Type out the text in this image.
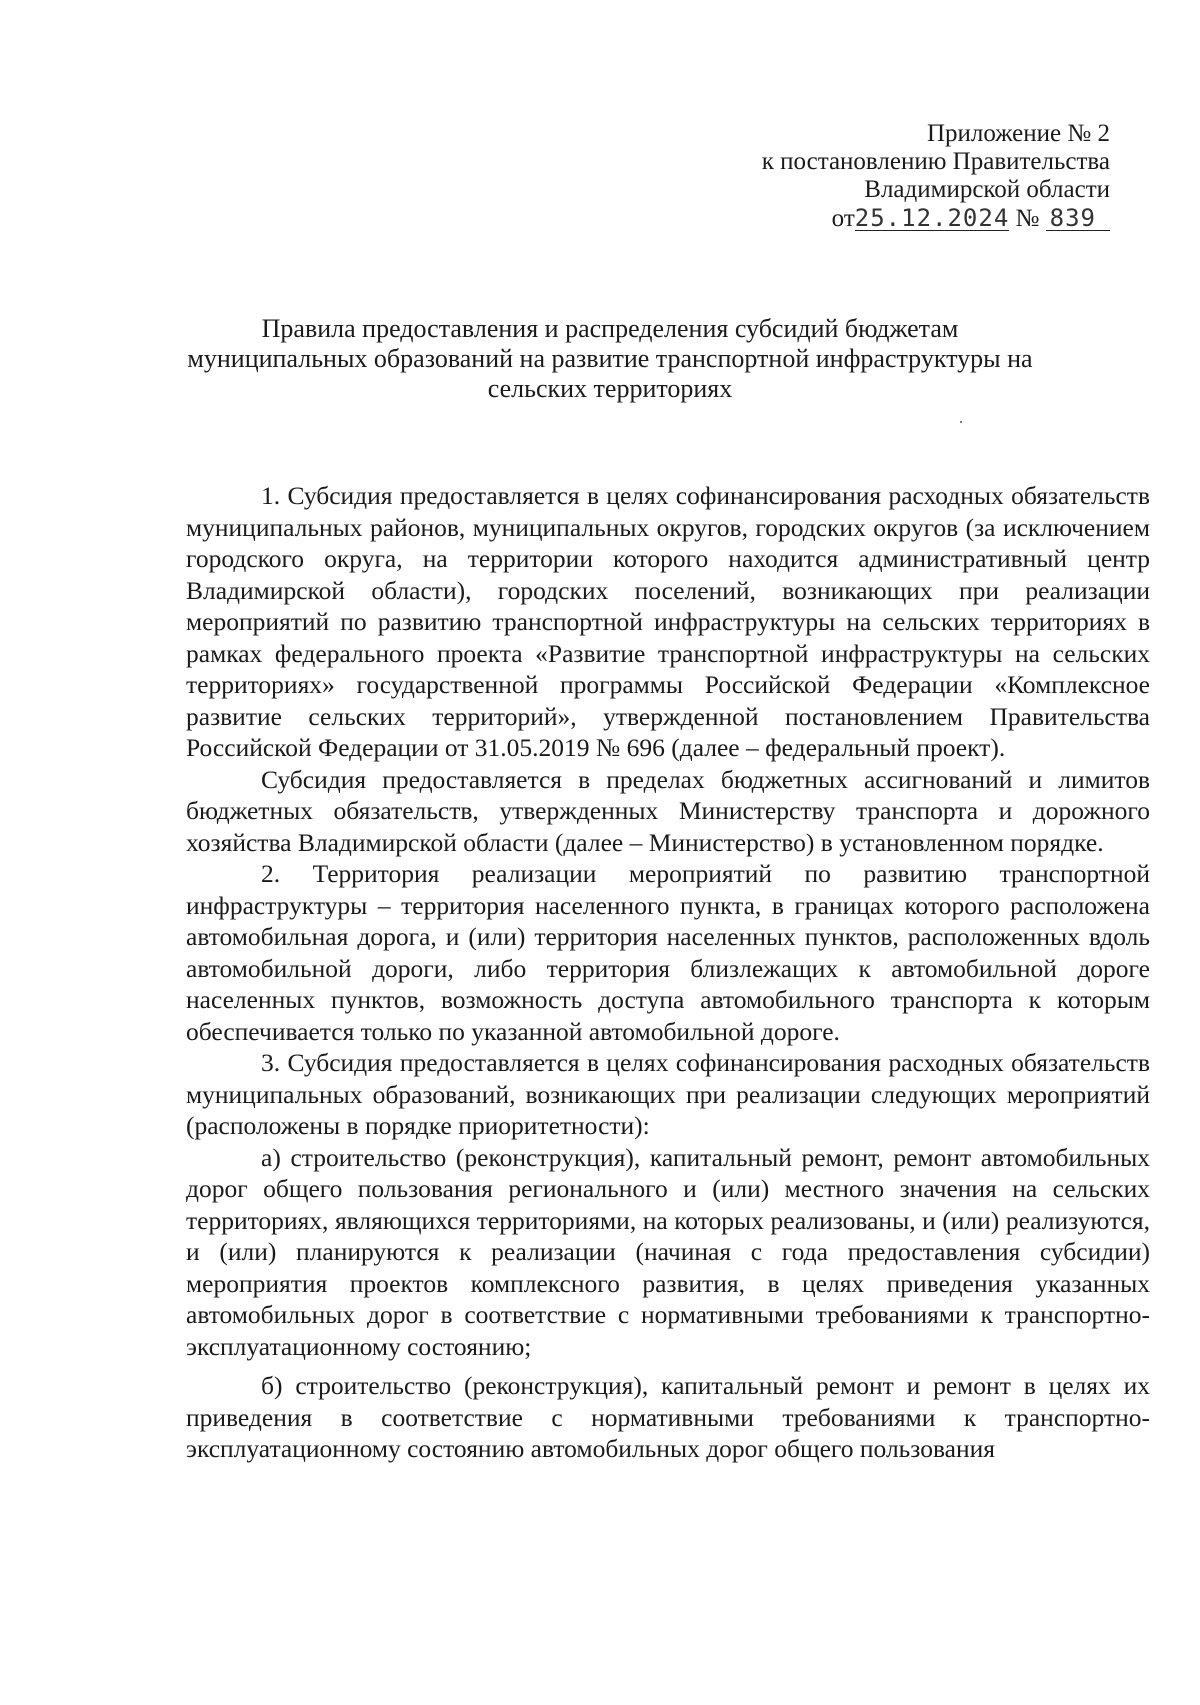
Приложение № 2
к постановлению Правительства
Владимирской области
от25.12.2024 № 839
Правила предоставления и распределения субсидий бюджетам
муниципальных образований на развитие транспортной инфраструктуры на
сельских территориях

1. Субсидия предоставляется в целях софинансирования расходных обязательств муниципальных районов, муниципальных округов, городских округов (за исключением городского округа, на территории которого находится административный центр Владимирской области), городских поселений, возникающих при реализации мероприятий по развитию транспортной инфраструктуры на сельских территориях в рамках федерального проекта «Развитие транспортной инфраструктуры на сельских территориях» государственной программы Российской Федерации «Комплексное развитие сельских территорий», утвержденной постановлением Правительства Российской Федерации от 31.05.2019 № 696 (далее – федеральный проект).

Субсидия предоставляется в пределах бюджетных ассигнований и лимитов бюджетных обязательств, утвержденных Министерству транспорта и дорожного хозяйства Владимирской области (далее – Министерство) в установленном порядке.

2. Территория реализации мероприятий по развитию транспортной инфраструктуры – территория населенного пункта, в границах которого расположена автомобильная дорога, и (или) территория населенных пунктов, расположенных вдоль автомобильной дороги, либо территория близлежащих к автомобильной дороге населенных пунктов, возможность доступа автомобильного транспорта к которым обеспечивается только по указанной автомобильной дороге.

3. Субсидия предоставляется в целях софинансирования расходных обязательств муниципальных образований, возникающих при реализации следующих мероприятий (расположены в порядке приоритетности):

а) строительство (реконструкция), капитальный ремонт, ремонт автомобильных дорог общего пользования регионального и (или) местного значения на сельских территориях, являющихся территориями, на которых реализованы, и (или) реализуются, и (или) планируются к реализации (начиная с года предоставления субсидии) мероприятия проектов комплексного развития, в целях приведения указанных автомобильных дорог в соответствие с нормативными требованиями к транспортно-эксплуатационному состоянию;

б) строительство (реконструкция), капитальный ремонт и ремонт в целях их приведения в соответствие с нормативными требованиями к транспортно-эксплуатационному состоянию автомобильных дорог общего пользования
